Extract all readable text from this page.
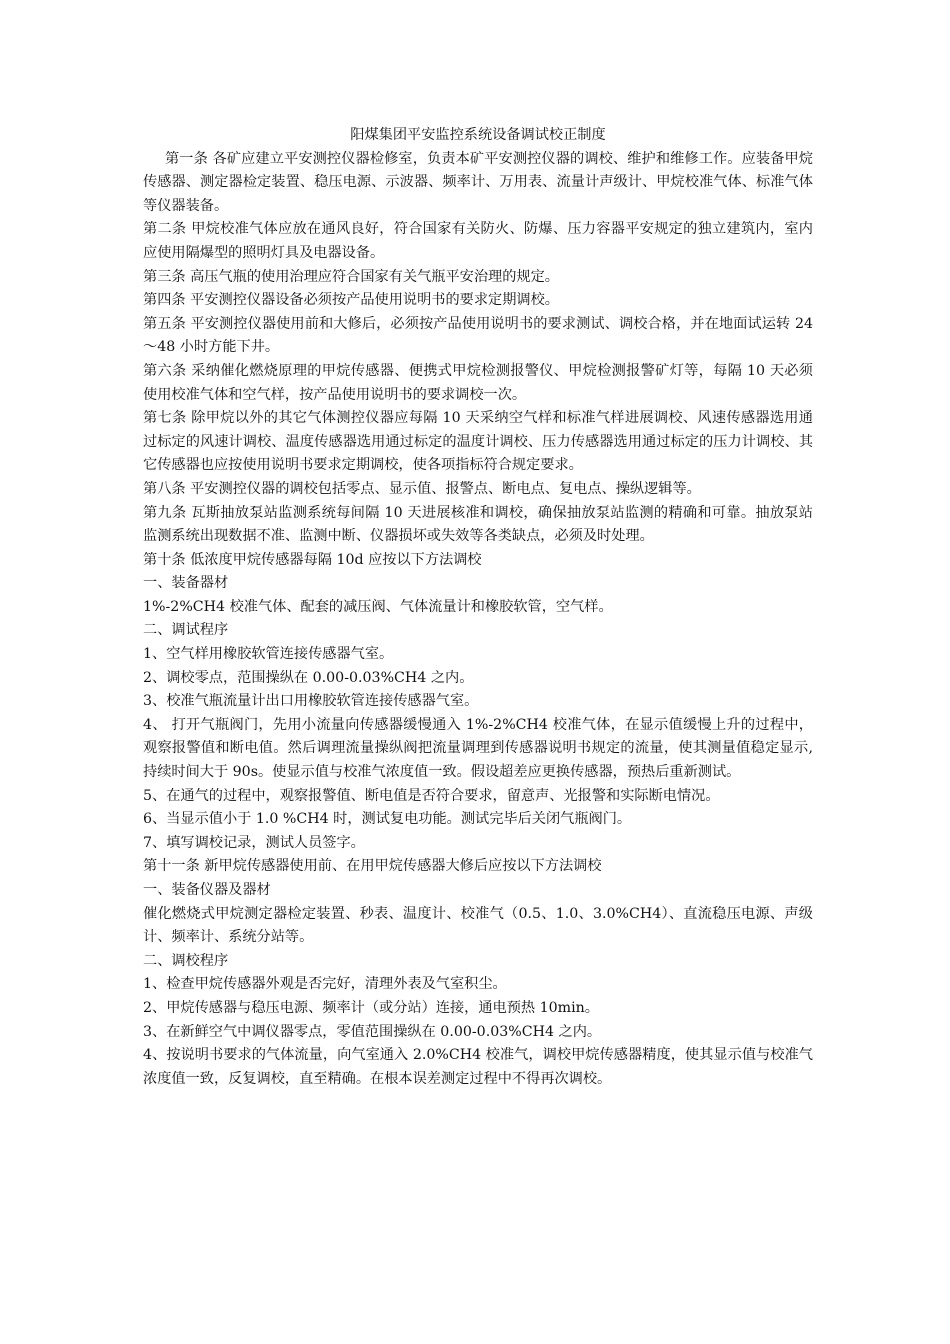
阳煤集团平安监控系统设备调试校正制度

第一条 各矿应建立平安测控仪器检修室，负责本矿平安测控仪器的调校、维护和维修工作。应装备甲烷传感器、测定器检定装置、稳压电源、示波器、频率计、万用表、流量计声级计、甲烷校准气体、标准气体等仪器装备。

第二条 甲烷校准气体应放在通风良好，符合国家有关防火、防爆、压力容器平安规定的独立建筑内，室内应使用隔爆型的照明灯具及电器设备。

第三条 高压气瓶的使用治理应符合国家有关气瓶平安治理的规定。

第四条 平安测控仪器设备必须按产品使用说明书的要求定期调校。

第五条 平安测控仪器使用前和大修后，必须按产品使用说明书的要求测试、调校合格，并在地面试运转 24～48 小时方能下井。

第六条 采纳催化燃烧原理的甲烷传感器、便携式甲烷检测报警仪、甲烷检测报警矿灯等，每隔 10 天必须使用校准气体和空气样，按产品使用说明书的要求调校一次。

第七条 除甲烷以外的其它气体测控仪器应每隔 10 天采纳空气样和标准气样进展调校、风速传感器选用通过标定的风速计调校、温度传感器选用通过标定的温度计调校、压力传感器选用通过标定的压力计调校、其它传感器也应按使用说明书要求定期调校，使各项指标符合规定要求。

第八条 平安测控仪器的调校包括零点、显示值、报警点、断电点、复电点、操纵逻辑等。

第九条 瓦斯抽放泵站监测系统每间隔 10 天进展核准和调校，确保抽放泵站监测的精确和可靠。抽放泵站监测系统出现数据不准、监测中断、仪器损坏或失效等各类缺点，必须及时处理。

第十条 低浓度甲烷传感器每隔 10d 应按以下方法调校

一、装备器材

1%-2%CH4 校准气体、配套的减压阀、气体流量计和橡胶软管，空气样。

二、调试程序

1、空气样用橡胶软管连接传感器气室。

2、调校零点，范围操纵在 0.00-0.03%CH4 之内。

3、校准气瓶流量计出口用橡胶软管连接传感器气室。

4、 打开气瓶阀门，先用小流量向传感器缓慢通入 1%-2%CH4 校准气体，在显示值缓慢上升的过程中，观察报警值和断电值。然后调理流量操纵阀把流量调理到传感器说明书规定的流量，使其测量值稳定显示,持续时间大于 90s。使显示值与校准气浓度值一致。假设超差应更换传感器，预热后重新测试。

5、在通气的过程中，观察报警值、断电值是否符合要求，留意声、光报警和实际断电情况。

6、当显示值小于 1.0 %CH4 时，测试复电功能。测试完毕后关闭气瓶阀门。

7、填写调校记录，测试人员签字。

第十一条 新甲烷传感器使用前、在用甲烷传感器大修后应按以下方法调校

一、装备仪器及器材

催化燃烧式甲烷测定器检定装置、秒表、温度计、校准气（0.5、1.0、3.0%CH4）、直流稳压电源、声级计、频率计、系统分站等。

二、调校程序

1、检查甲烷传感器外观是否完好，清理外表及气室积尘。

2、甲烷传感器与稳压电源、频率计（或分站）连接，通电预热 10min。

3、在新鲜空气中调仪器零点，零值范围操纵在 0.00-0.03%CH4 之内。

4、按说明书要求的气体流量，向气室通入 2.0%CH4 校准气，调校甲烷传感器精度，使其显示值与校准气浓度值一致，反复调校，直至精确。在根本误差测定过程中不得再次调校。
